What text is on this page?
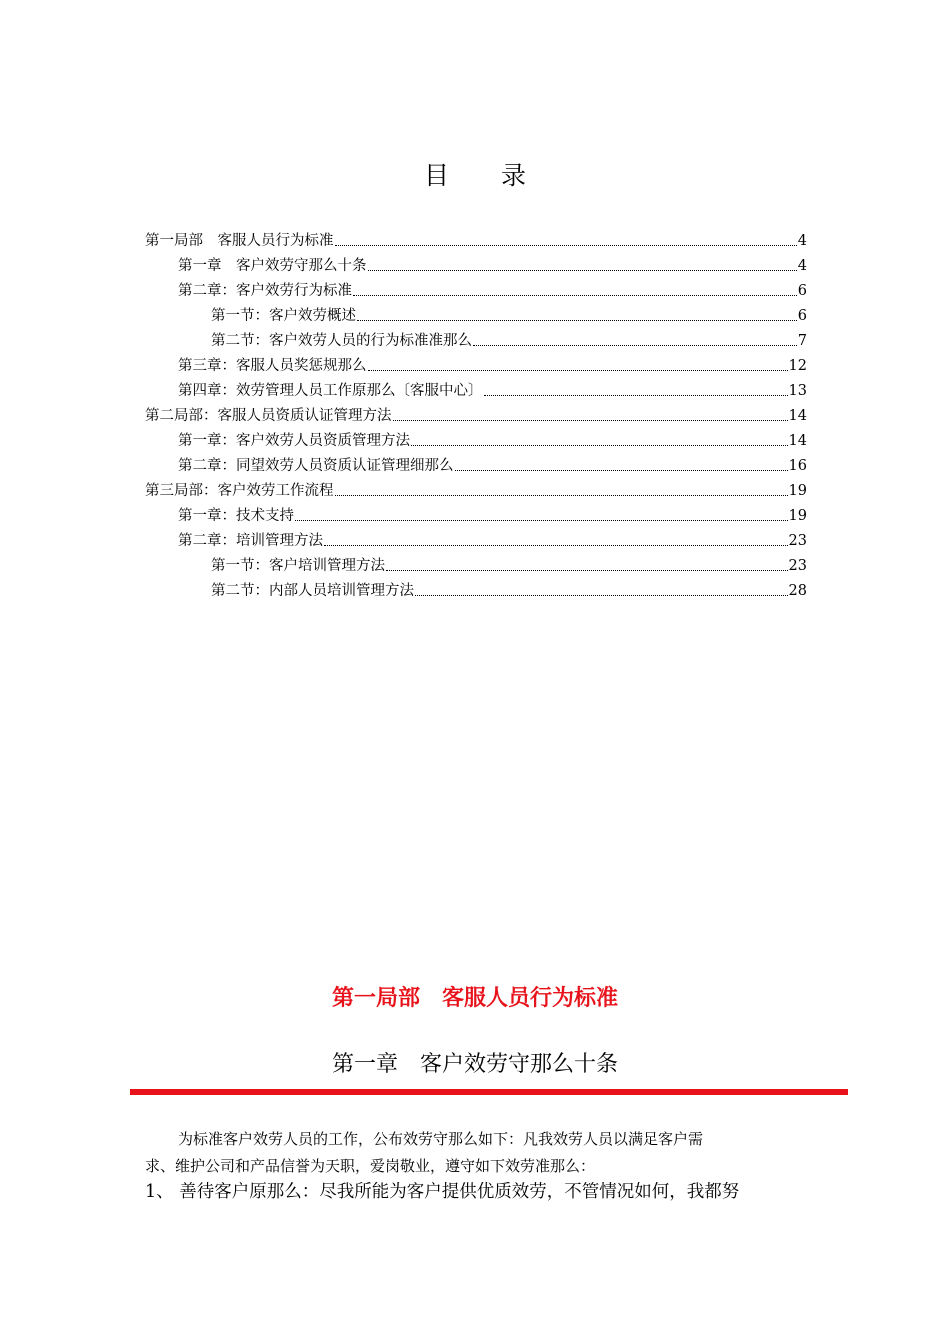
目 录
第一局部　客服人员行为标准	4
第一章　客户效劳守那么十条	4
第二章：客户效劳行为标准	6
第一节：客户效劳概述	6
第二节：客户效劳人员的行为标准准那么	7
第三章：客服人员奖惩规那么	12
第四章：效劳管理人员工作原那么〔客服中心〕	13
第二局部：客服人员资质认证管理方法	14
第一章：客户效劳人员资质管理方法	14
第二章：同望效劳人员资质认证管理细那么	16
第三局部：客户效劳工作流程	19
第一章：技术支持	19
第二章：培训管理方法	23
第一节：客户培训管理方法	23
第二节：内部人员培训管理方法	28
第一局部　客服人员行为标准
第一章　客户效劳守那么十条
为标准客户效劳人员的工作，公布效劳守那么如下：凡我效劳人员以满足客户需
求、维护公司和产品信誉为天职，爱岗敬业，遵守如下效劳准那么：
1、 善待客户原那么：尽我所能为客户提供优质效劳，不管情况如何，我都努
